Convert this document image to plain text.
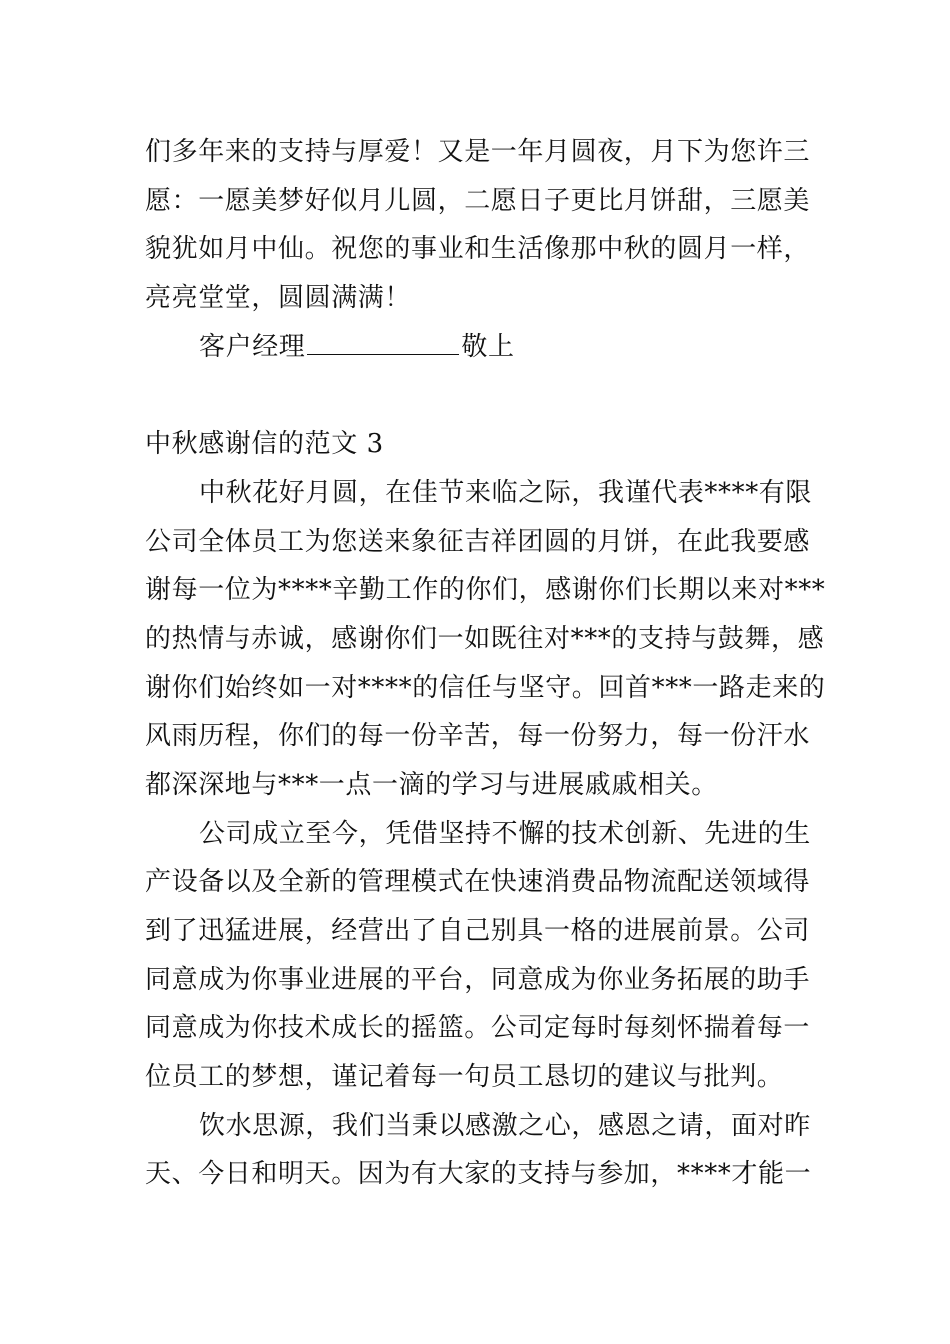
们多年来的支持与厚爱！又是一年月圆夜，月下为您许三
愿：一愿美梦好似月儿圆，二愿日子更比月饼甜，三愿美
貌犹如月中仙。祝您的事业和生活像那中秋的圆月一样，
亮亮堂堂，圆圆满满！
客户经理	敬上
中秋感谢信的范文 3
中秋花好月圆，在佳节来临之际，我谨代表****有限
公司全体员工为您送来象征吉祥团圆的月饼，在此我要感
谢每一位为****辛勤工作的你们，感谢你们长期以来对***
的热情与赤诚，感谢你们一如既往对***的支持与鼓舞，感
谢你们始终如一对****的信任与坚守。回首***一路走来的
风雨历程，你们的每一份辛苦，每一份努力，每一份汗水
都深深地与***一点一滴的学习与进展戚戚相关。
公司成立至今，凭借坚持不懈的技术创新、先进的生
产设备以及全新的管理模式在快速消费品物流配送领域得
到了迅猛进展，经营出了自己别具一格的进展前景。公司
同意成为你事业进展的平台，同意成为你业务拓展的助手
同意成为你技术成长的摇篮。公司定每时每刻怀揣着每一
位员工的梦想，谨记着每一句员工恳切的建议与批判。
饮水思源，我们当秉以感激之心，感恩之请，面对昨
天、今日和明天。因为有大家的支持与参加，****才能一
